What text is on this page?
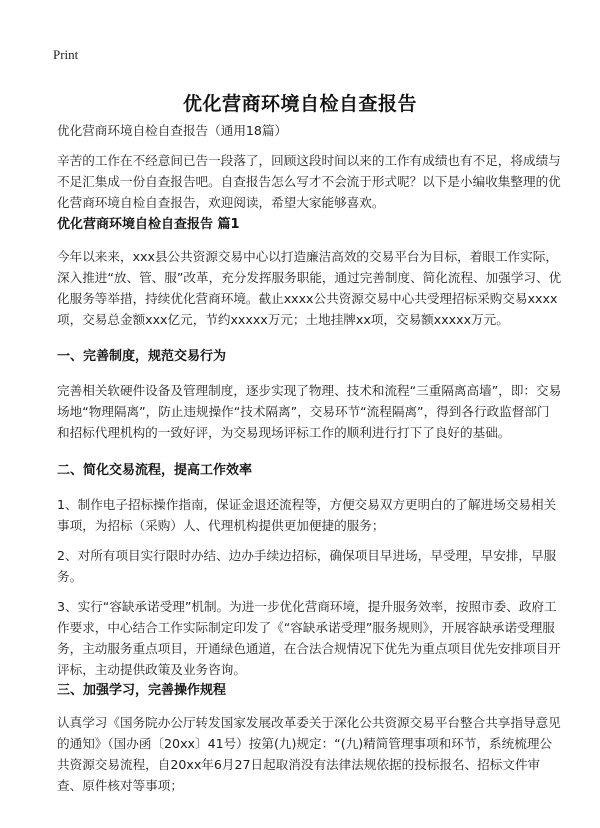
Print
优化营商环境自检自查报告

优化营商环境自检自查报告（通用18篇）

辛苦的工作在不经意间已告一段落了，回顾这段时间以来的工作有成绩也有不足，将成绩与不足汇集成一份自查报告吧。自查报告怎么写才不会流于形式呢？以下是小编收集整理的优化营商环境自检自查报告，欢迎阅读，希望大家能够喜欢。

优化营商环境自检自查报告 篇1

今年以来来，xxx县公共资源交易中心以打造廉洁高效的交易平台为目标，着眼工作实际，深入推进“放、管、服”改革，充分发挥服务职能，通过完善制度、简化流程、加强学习、优化服务等举措，持续优化营商环境。截止xxxx公共资源交易中心共受理招标采购交易xxxx项，交易总金额xxx亿元，节约xxxxx万元；土地挂牌xx项，交易额xxxxx万元。

一、完善制度，规范交易行为

完善相关软硬件设备及管理制度，逐步实现了物理、技术和流程“三重隔离高墙”，即：交易场地“物理隔离”，防止违规操作“技术隔离”，交易环节“流程隔离”，得到各行政监督部门和招标代理机构的一致好评，为交易现场评标工作的顺利进行打下了良好的基础。

二、简化交易流程，提高工作效率

1、制作电子招标操作指南，保证金退还流程等，方便交易双方更明白的了解进场交易相关事项，为招标（采购）人、代理机构提供更加便捷的服务；

2、对所有项目实行限时办结、边办手续边招标，确保项目早进场，早受理，早安排，早服务。

3、实行“容缺承诺受理”机制。为进一步优化营商环境，提升服务效率，按照市委、政府工作要求，中心结合工作实际制定印发了《“容缺承诺受理”服务规则》，开展容缺承诺受理服务，主动服务重点项目，开通绿色通道，在合法合规情况下优先为重点项目优先安排项目开评标，主动提供政策及业务咨询。

三、加强学习，完善操作规程

认真学习《国务院办公厅转发国家发展改革委关于深化公共资源交易平台整合共享指导意见的通知》（国办函〔20xx〕41号）按第(九)规定：“(九)精简管理事项和环节，系统梳理公共资源交易流程，自20xx年6月27日起取消没有法律法规依据的投标报名、招标文件审查、原件核对等事项；
